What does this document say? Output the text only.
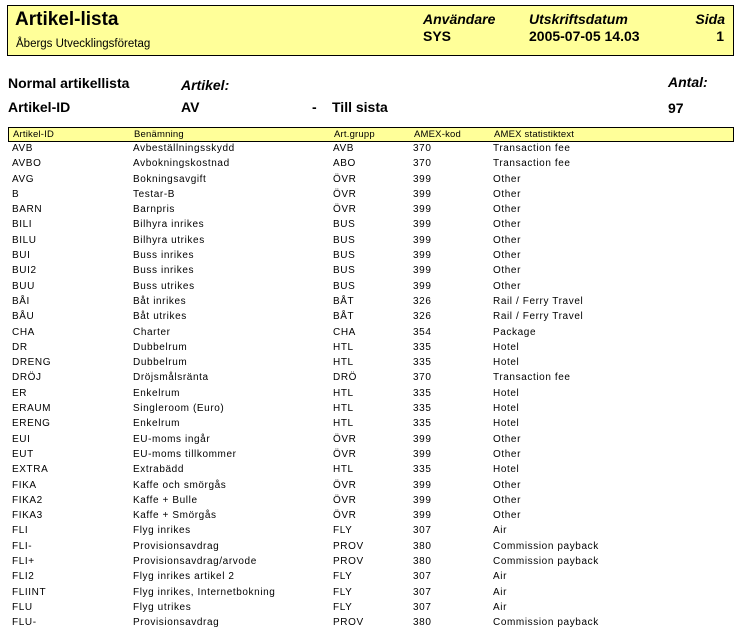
Artikel-lista
Åbergs Utvecklingsföretag
Användare
SYS
Utskriftsdatum
2005-07-05 14.03
Sida
1
Normal artikellista	Artikel:	Antal:
Artikel-ID	AV	- Till sista	97
Artikel-ID	Benämning	Art.grupp	AMEX-kod	AMEX statistiktext
AVB	Avbeställningsskydd	AVB	370	Transaction fee
AVBO	Avbokningskostnad	ABO	370	Transaction fee
AVG	Bokningsavgift	ÖVR	399	Other
B	Testar-B	ÖVR	399	Other
BARN	Barnpris	ÖVR	399	Other
BILI	Bilhyra inrikes	BUS	399	Other
BILU	Bilhyra utrikes	BUS	399	Other
BUI	Buss inrikes	BUS	399	Other
BUI2	Buss inrikes	BUS	399	Other
BUU	Buss utrikes	BUS	399	Other
BÅI	Båt inrikes	BÅT	326	Rail / Ferry Travel
BÅU	Båt utrikes	BÅT	326	Rail / Ferry Travel
CHA	Charter	CHA	354	Package
DR	Dubbelrum	HTL	335	Hotel
DRENG	Dubbelrum	HTL	335	Hotel
DRÖJ	Dröjsmålsränta	DRÖ	370	Transaction fee
ER	Enkelrum	HTL	335	Hotel
ERAUM	Singleroom (Euro)	HTL	335	Hotel
ERENG	Enkelrum	HTL	335	Hotel
EUI	EU-moms ingår	ÖVR	399	Other
EUT	EU-moms tillkommer	ÖVR	399	Other
EXTRA	Extrabädd	HTL	335	Hotel
FIKA	Kaffe och smörgås	ÖVR	399	Other
FIKA2	Kaffe + Bulle	ÖVR	399	Other
FIKA3	Kaffe + Smörgås	ÖVR	399	Other
FLI	Flyg inrikes	FLY	307	Air
FLI-	Provisionsavdrag	PROV	380	Commission payback
FLI+	Provisionsavdrag/arvode	PROV	380	Commission payback
FLI2	Flyg inrikes artikel 2	FLY	307	Air
FLIINT	Flyg inrikes, Internetbokning	FLY	307	Air
FLU	Flyg utrikes	FLY	307	Air
FLU-	Provisionsavdrag	PROV	380	Commission payback
